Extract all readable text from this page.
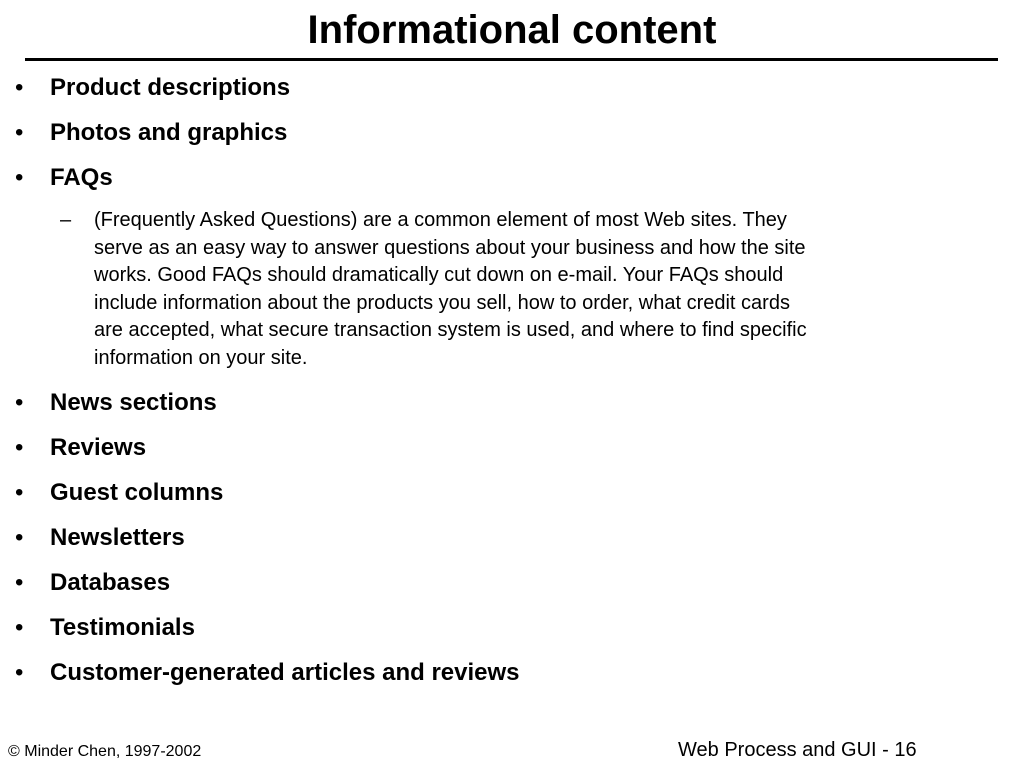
Informational content
• Product descriptions
• Photos and graphics
• FAQs
– (Frequently Asked Questions) are a common element of most Web sites. They
serve as an easy way to answer questions about your business and how the site
works. Good FAQs should dramatically cut down on e-mail. Your FAQs should
include information about the products you sell, how to order, what credit cards
are accepted, what secure transaction system is used, and where to find specific
information on your site.
• News sections
• Reviews
• Guest columns
• Newsletters
• Databases
• Testimonials
• Customer-generated articles and reviews
© Minder Chen, 1997-2002	Web Process and GUI - 16
